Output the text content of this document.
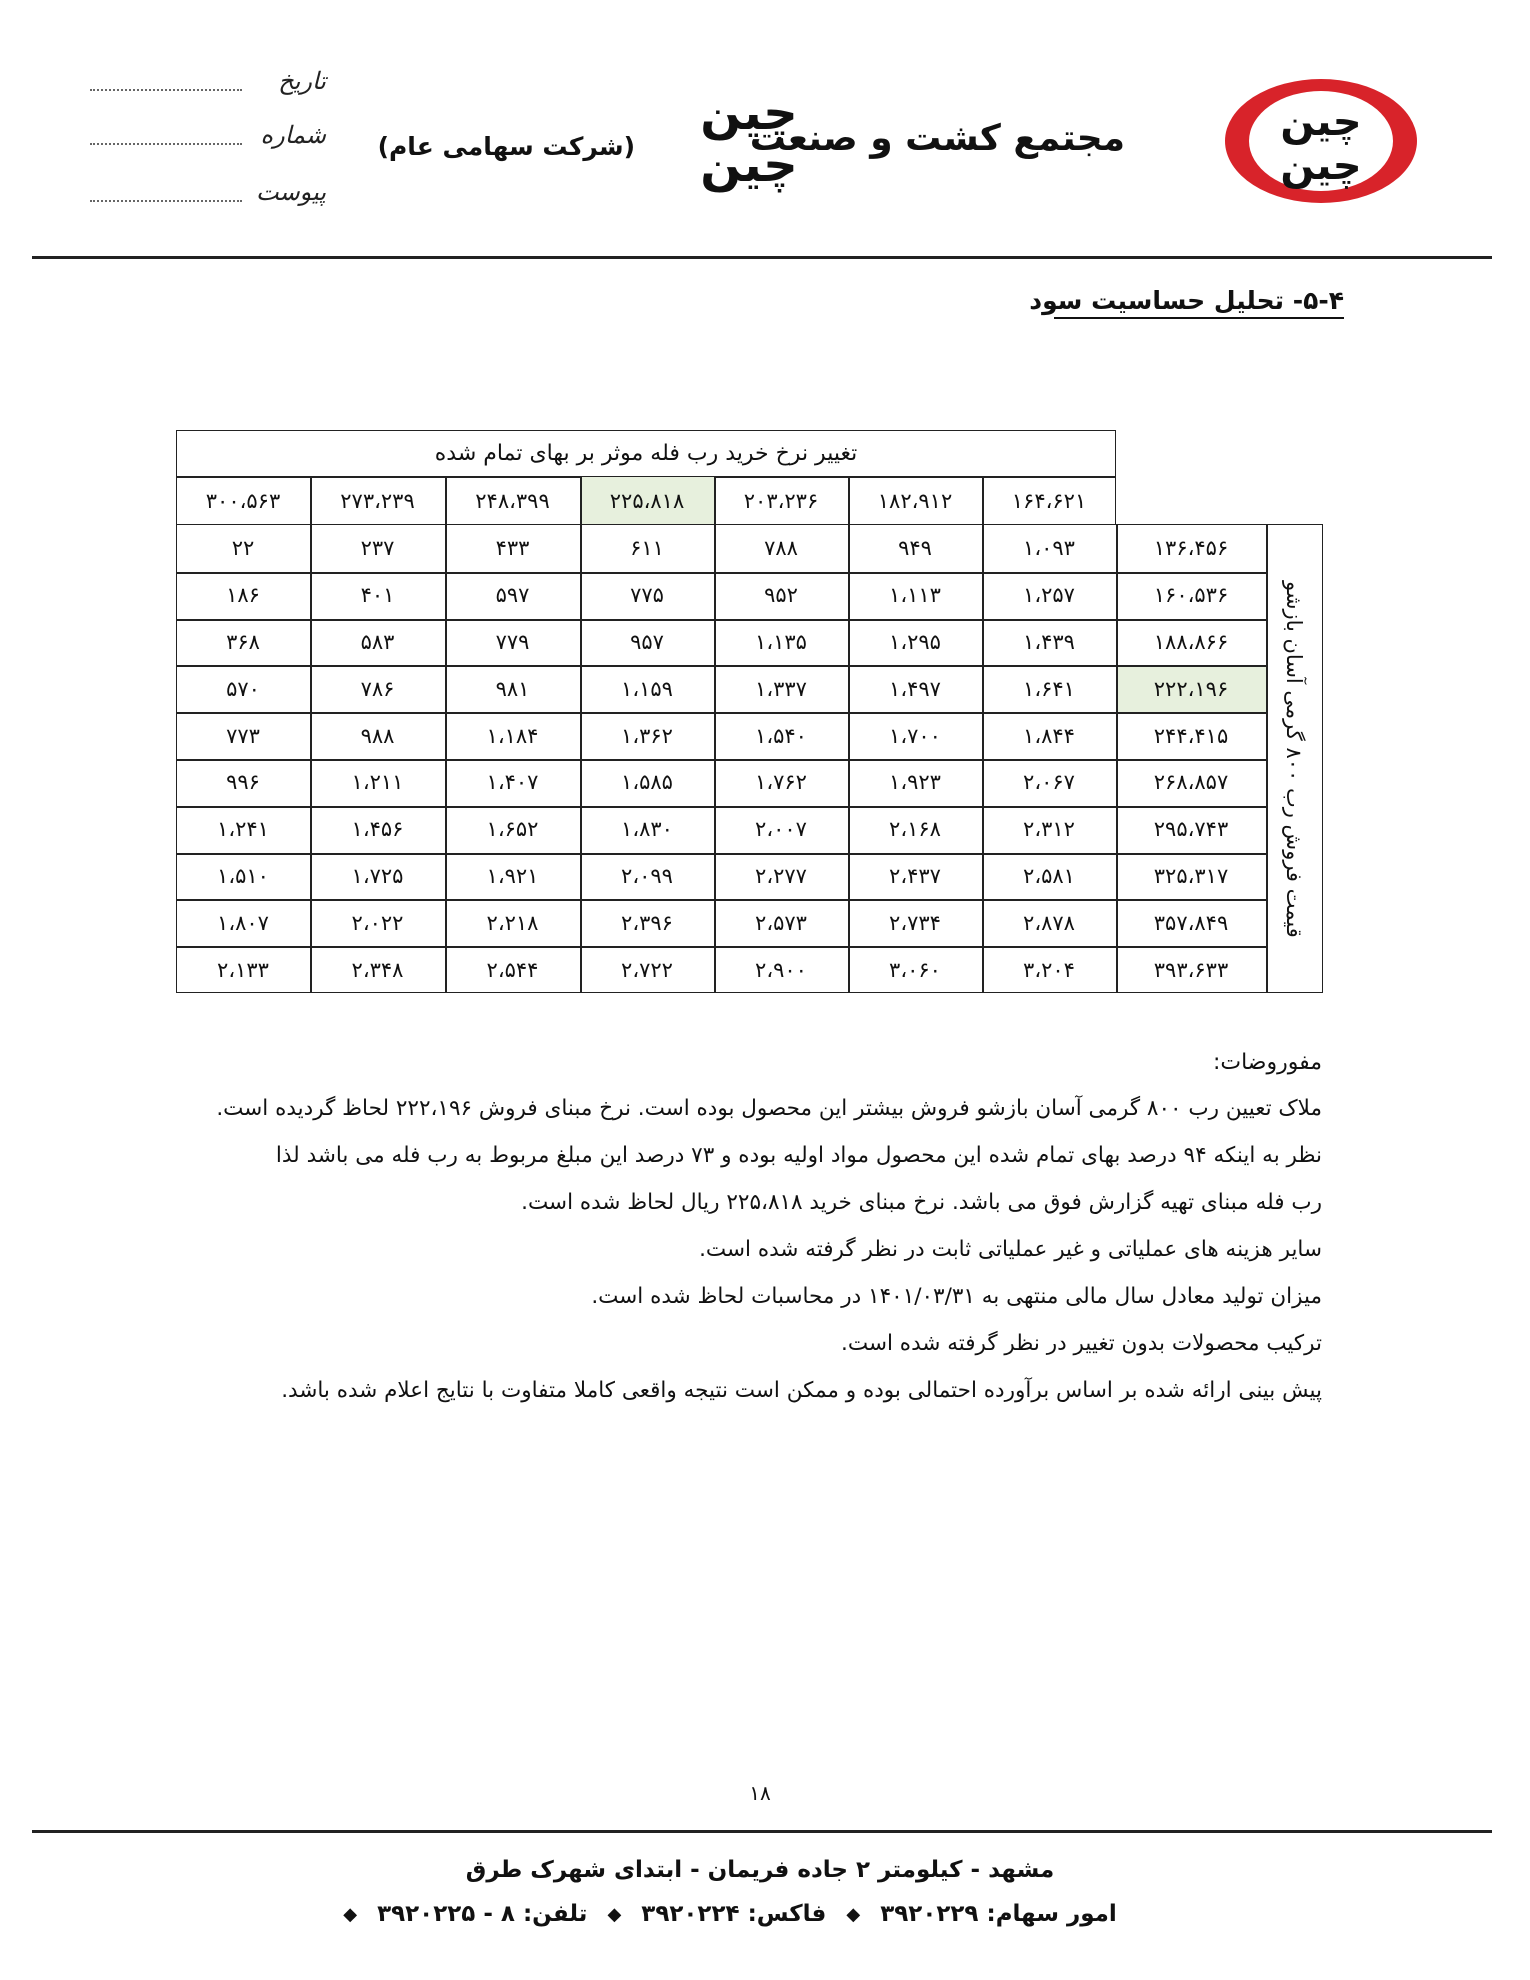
چین
چین
چین
چین
مجتمع کشت و صنعت
(شرکت سهامی عام)
تاریخ
شماره
پیوست
۵-۴- تحلیل حساسیت سود
تغییر نرخ خرید رب فله موثر بر بهای تمام شده
قیمت فروش رب ۸۰۰ گرمی آسان بازشو
۱۶۴،۶۲۱
۱۸۲،۹۱۲
۲۰۳،۲۳۶
۲۲۵،۸۱۸
۲۴۸،۳۹۹
۲۷۳،۲۳۹
۳۰۰،۵۶۳
۱۳۶،۴۵۶
۱،۰۹۳
۹۴۹
۷۸۸
۶۱۱
۴۳۳
۲۳۷
۲۲
۱۶۰،۵۳۶
۱،۲۵۷
۱،۱۱۳
۹۵۲
۷۷۵
۵۹۷
۴۰۱
۱۸۶
۱۸۸،۸۶۶
۱،۴۳۹
۱،۲۹۵
۱،۱۳۵
۹۵۷
۷۷۹
۵۸۳
۳۶۸
۲۲۲،۱۹۶
۱،۶۴۱
۱،۴۹۷
۱،۳۳۷
۱،۱۵۹
۹۸۱
۷۸۶
۵۷۰
۲۴۴،۴۱۵
۱،۸۴۴
۱،۷۰۰
۱،۵۴۰
۱،۳۶۲
۱،۱۸۴
۹۸۸
۷۷۳
۲۶۸،۸۵۷
۲،۰۶۷
۱،۹۲۳
۱،۷۶۲
۱،۵۸۵
۱،۴۰۷
۱،۲۱۱
۹۹۶
۲۹۵،۷۴۳
۲،۳۱۲
۲،۱۶۸
۲،۰۰۷
۱،۸۳۰
۱،۶۵۲
۱،۴۵۶
۱،۲۴۱
۳۲۵،۳۱۷
۲،۵۸۱
۲،۴۳۷
۲،۲۷۷
۲،۰۹۹
۱،۹۲۱
۱،۷۲۵
۱،۵۱۰
۳۵۷،۸۴۹
۲،۸۷۸
۲،۷۳۴
۲،۵۷۳
۲،۳۹۶
۲،۲۱۸
۲،۰۲۲
۱،۸۰۷
۳۹۳،۶۳۳
۳،۲۰۴
۳،۰۶۰
۲،۹۰۰
۲،۷۲۲
۲،۵۴۴
۲،۳۴۸
۲،۱۳۳
مفوروضات:
ملاک تعیین رب ۸۰۰ گرمی آسان بازشو فروش بیشتر این محصول بوده است. نرخ مبنای فروش ۲۲۲،۱۹۶ لحاظ گردیده است.
نظر به اینکه ۹۴ درصد بهای تمام شده این محصول مواد اولیه بوده و ۷۳ درصد این مبلغ مربوط به رب فله می باشد لذا
رب فله مبنای تهیه گزارش فوق می باشد. نرخ مبنای خرید ۲۲۵،۸۱۸ ریال لحاظ شده است.
سایر هزینه های عملیاتی و غیر عملیاتی ثابت در نظر گرفته شده است.
میزان تولید معادل سال مالی منتهی به ۱۴۰۱/۰۳/۳۱ در محاسبات لحاظ شده است.
ترکیب محصولات بدون تغییر در نظر گرفته شده است.
پیش بینی ارائه شده بر اساس برآورده احتمالی بوده و ممکن است نتیجه واقعی کاملا متفاوت با نتایج اعلام شده باشد.
۱۸
مشهد - کیلومتر ۲ جاده فریمان - ابتدای شهرک طرق
◆ تلفن: ۸ - ۳۹۲۰۲۲۵ ◆ فاکس: ۳۹۲۰۲۲۴ ◆ امور سهام: ۳۹۲۰۲۲۹
